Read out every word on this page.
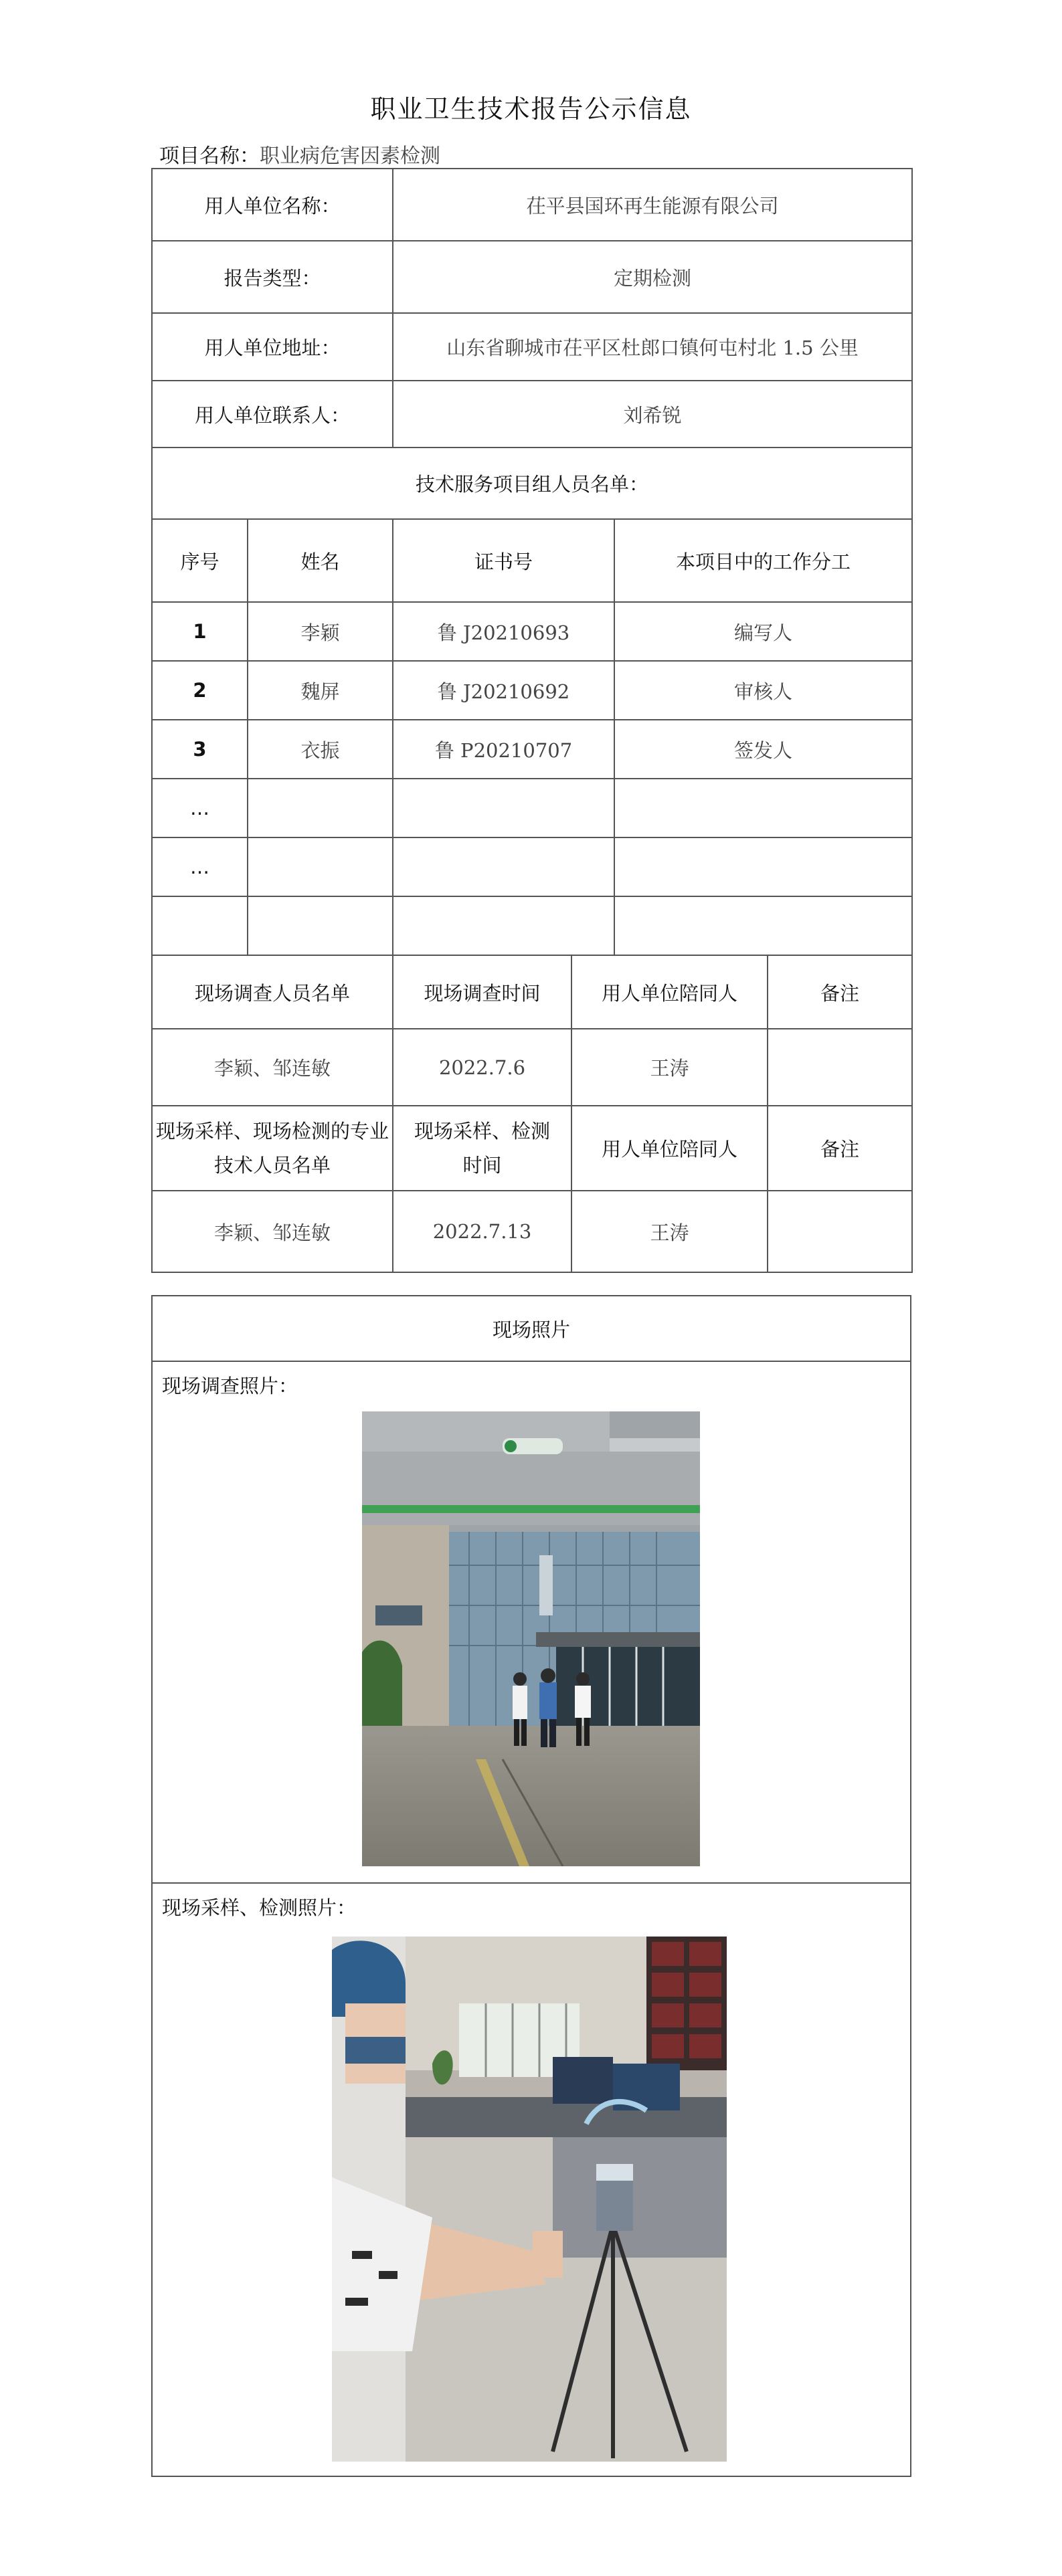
职业卫生技术报告公示信息
项目名称：职业病危害因素检测
用人单位名称：		茌平县国环再生能源有限公司			
报告类型：		定期检测			
用人单位地址：		山东省聊城市茌平区杜郎口镇何屯村北 1.5 公里			
用人单位联系人：		刘希锐			
技术服务项目组人员名单：					
序号	姓名	证书号		本项目中的工作分工	
1	李颖	鲁 J20210693		编写人	
2	魏屏	鲁 J20210692		审核人	
3	衣振	鲁 P20210707		签发人	
…					
…					

现场调查人员名单		现场调查时间	用人单位陪同人		备注
李颖、邹连敏		2022.7.6	王涛		
现场采样、现场检测的专业技术人员名单		现场采样、检测时间	用人单位陪同人		备注
李颖、邹连敏		2022.7.13	王涛		
现场照片

现场调查照片：

现场采样、检测照片：
